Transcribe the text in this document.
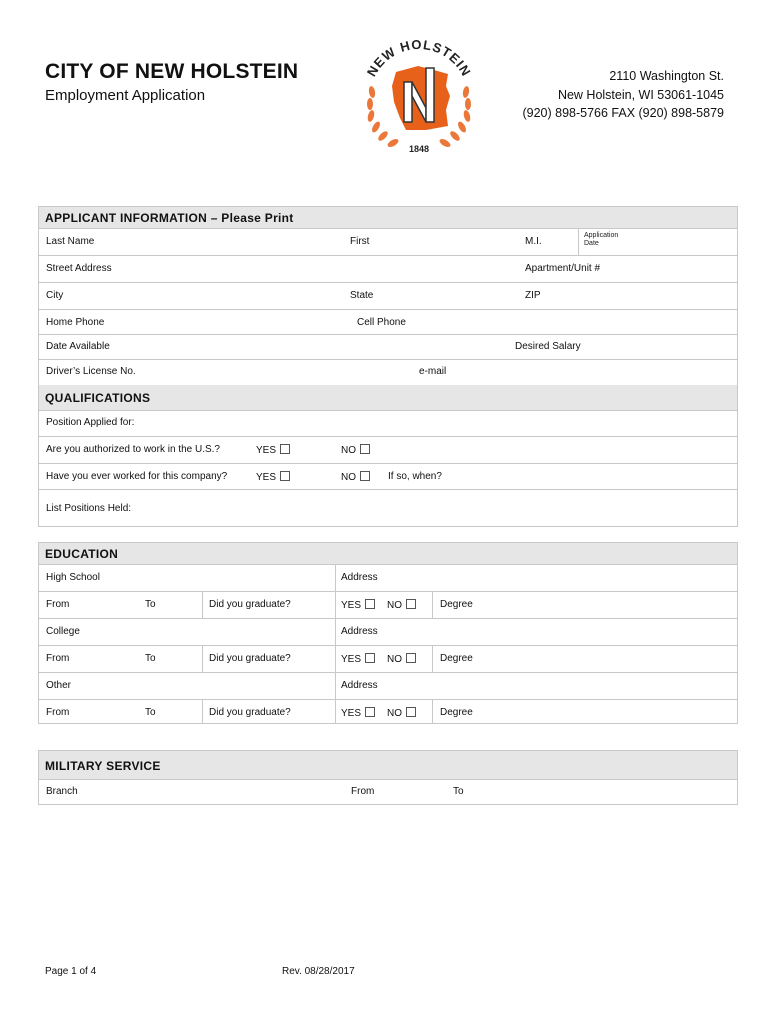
CITY OF NEW HOLSTEIN
Employment Application
2110 Washington St.
New Holstein, WI 53061-1045
(920) 898-5766 FAX (920) 898-5879
NEW HOLSTEIN
1848
APPLICANT INFORMATION – Please Print
Last Name	First	M.I.
Application
Date
Street Address	Apartment/Unit #
City	State	ZIP
Home Phone	Cell Phone
Date Available	Desired Salary
Driver’s License No.	e-mail
QUALIFICATIONS
Position Applied for:
Are you authorized to work in the U.S.?	YES	NO
Have you ever worked for this company?	YES	NO	If so, when?
List Positions Held:
EDUCATION
High School	Address
From	To	Did you graduate?	YES	NO	Degree
College	Address
From	To	Did you graduate?	YES	NO	Degree
Other	Address
From	To	Did you graduate?	YES	NO	Degree
MILITARY SERVICE
Branch	From	To
Page 1 of 4	Rev. 08/28/2017
